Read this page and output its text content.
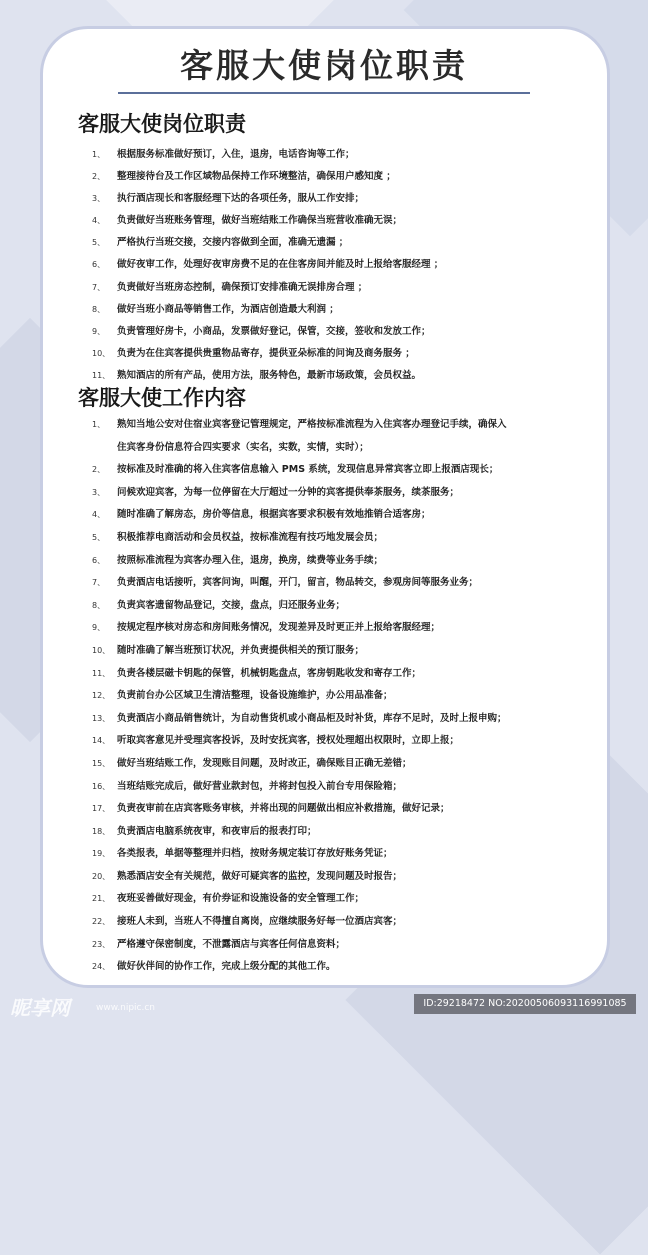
客服大使岗位职责
客服大使岗位职责
1、	根据服务标准做好预订，入住，退房，电话咨询等工作；
2、	整理接待台及工作区域物品保持工作环境整洁，确保用户感知度 ；
3、	执行酒店现长和客服经理下达的各项任务，服从工作安排；
4、	负责做好当班账务管理，做好当班结账工作确保当班营收准确无误；
5、	严格执行当班交接，交接内容做到全面，准确无遗漏 ；
6、	做好夜审工作，处理好夜审房费不足的在住客房间并能及时上报给客服经理 ；
7、	负责做好当班房态控制，确保预订安排准确无误排房合理 ；
8、	做好当班小商品等销售工作，为酒店创造最大利润 ；
9、	负责管理好房卡，小商品，发票做好登记，保管，交接，签收和发放工作；
10、 负责为在住宾客提供贵重物品寄存，提供亚朵标准的问询及商务服务 ；
11、 熟知酒店的所有产品，使用方法，服务特色，最新市场政策，会员权益。
客服大使工作内容
1、	熟知当地公安对住宿业宾客登记管理规定，严格按标准流程为入住宾客办理登记手续，确保入
住宾客身份信息符合四实要求（实名，实数，实情，实时）；
2、	按标准及时准确的将入住宾客信息输入 PMS 系统，发现信息异常宾客立即上报酒店现长；
3、	问候欢迎宾客，为每一位停留在大厅超过一分钟的宾客提供奉茶服务，续茶服务；
4、	随时准确了解房态，房价等信息，根据宾客要求积极有效地推销合适客房；
5、	积极推荐电商活动和会员权益，按标准流程有技巧地发展会员；
6、	按照标准流程为宾客办理入住，退房，换房，续费等业务手续；
7、	负责酒店电话接听，宾客问询，叫醒，开门，留言，物品转交，参观房间等服务业务；
8、	负责宾客遗留物品登记，交接，盘点，归还服务业务；
9、	按规定程序核对房态和房间账务情况，发现差异及时更正并上报给客服经理；
10、 随时准确了解当班预订状况，并负责提供相关的预订服务；
11、 负责各楼层磁卡钥匙的保管，机械钥匙盘点，客房钥匙收发和寄存工作；
12、 负责前台办公区域卫生清洁整理，设备设施维护，办公用品准备；
13、 负责酒店小商品销售统计，为自动售货机或小商品柜及时补货，库存不足时，及时上报申购；
14、 听取宾客意见并受理宾客投诉，及时安抚宾客，授权处理超出权限时，立即上报；
15、 做好当班结账工作，发现账目问题，及时改正，确保账目正确无差错；
16、 当班结账完成后，做好营业款封包，并将封包投入前台专用保险箱；
17、 负责夜审前在店宾客账务审核，并将出现的问题做出相应补救措施，做好记录；
18、 负责酒店电脑系统夜审，和夜审后的报表打印；
19、 各类报表，单据等整理并归档，按财务规定装订存放好账务凭证；
20、 熟悉酒店安全有关规范，做好可疑宾客的监控，发现问题及时报告；
21、 夜班妥善做好现金，有价券证和设施设备的安全管理工作；
22、 接班人未到，当班人不得擅自离岗，应继续服务好每一位酒店宾客；
23、 严格遵守保密制度，不泄露酒店与宾客任何信息资料；
24、 做好伙伴间的协作工作，完成上级分配的其他工作。
昵享网	www.nipic.cn	ID:29218472 NO:20200506093116991085
